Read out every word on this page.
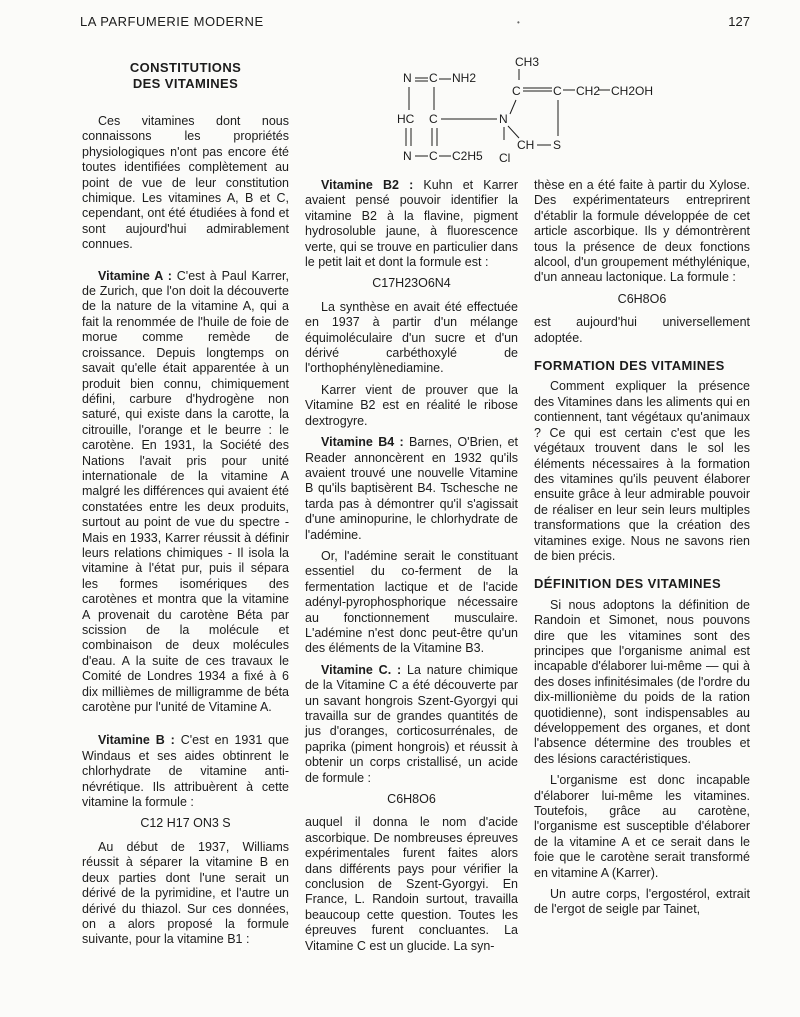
LA PARFUMERIE MODERNE	•	127
CONSTITUTIONS
DES VITAMINES

Ces vitamines dont nous connaissons les propriétés physiologiques n'ont pas encore été toutes identifiées complètement au point de vue de leur constitution chimique. Les vitamines A, B et C, cependant, ont été étudiées à fond et sont aujourd'hui admirablement connues.

Vitamine A : C'est à Paul Karrer, de Zurich, que l'on doit la découverte de la nature de la vitamine A, qui a fait la renommée de l'huile de foie de morue comme remède de croissance. Depuis longtemps on savait qu'elle était apparentée à un produit bien connu, chimiquement défini, carbure d'hydrogène non saturé, qui existe dans la carotte, la citrouille, l'orange et le beurre : le carotène. En 1931, la Société des Nations l'avait pris pour unité internationale de la vitamine A malgré les différences qui avaient été constatées entre les deux produits, surtout au point de vue du spectre - Mais en 1933, Karrer réussit à définir leurs relations chimiques - Il isola la vitamine à l'état pur, puis il sépara les formes isomériques des carotènes et montra que la vitamine A provenait du carotène Béta par scission de la molécule et combinaison de deux molécules d'eau. A la suite de ces travaux le Comité de Londres 1934 a fixé à 6 dix millièmes de milligramme de béta carotène pur l'unité de Vitamine A.

Vitamine B : C'est en 1931 que Windaus et ses aides obtinrent le chlorhydrate de vitamine anti-névrétique. Ils attribuèrent à cette vitamine la formule :

C12 H17 ON3 S

Au début de 1937, Williams réussit à séparer la vitamine B en deux parties dont l'une serait un dérivé de la pyrimidine, et l'autre un dérivé du thiazol. Sur ces données, on a alors proposé la formule suivante, pour la vitamine B1 :

N C NH2
CH3
C	C CH2 CH2OH
HC C	N
N C C2H5
CH S
Cl

Vitamine B2 : Kuhn et Karrer avaient pensé pouvoir identifier la vitamine B2 à la flavine, pigment hydrosoluble jaune, à fluorescence verte, qui se trouve en particulier dans le petit lait et dont la formule est :

C17H23O6N4

La synthèse en avait été effectuée en 1937 à partir d'un mélange équimoléculaire d'un sucre et d'un dérivé carbéthoxylé de l'orthophénylènediamine.

Karrer vient de prouver que la Vitamine B2 est en réalité le ribose dextrogyre.

Vitamine B4 : Barnes, O'Brien, et Reader annoncèrent en 1932 qu'ils avaient trouvé une nouvelle Vitamine B qu'ils baptisèrent B4. Tschesche ne tarda pas à démontrer qu'il s'agissait d'une aminopurine, le chlorhydrate de l'adémine.

Or, l'adémine serait le constituant essentiel du co-ferment de la fermentation lactique et de l'acide adényl-pyrophosphorique nécessaire au fonctionnement musculaire. L'adémine n'est donc peut-être qu'un des éléments de la Vitamine B3.

Vitamine C. : La nature chimique de la Vitamine C a été découverte par un savant hongrois Szent-Gyorgyi qui travailla sur de grandes quantités de jus d'oranges, corticosurrénales, de paprika (piment hongrois) et réussit à obtenir un corps cristallisé, un acide de formule :

C6H8O6

auquel il donna le nom d'acide ascorbique. De nombreuses épreuves expérimentales furent faites alors dans différents pays pour vérifier la conclusion de Szent-Gyorgyi. En France, L. Randoin surtout, travailla beaucoup cette question. Toutes les épreuves furent concluantes. La Vitamine C est un glucide. La syn-

thèse en a été faite à partir du Xylose. Des expérimentateurs entreprirent d'établir la formule développée de cet article ascorbique. Ils y démontrèrent tous la présence de deux fonctions alcool, d'un groupement méthylénique, d'un anneau lactonique. La formule :

C6H8O6

est aujourd'hui universellement adoptée.

FORMATION DES VITAMINES

Comment expliquer la présence des Vitamines dans les aliments qui en contiennent, tant végétaux qu'animaux ? Ce qui est certain c'est que les végétaux trouvent dans le sol les éléments nécessaires à la formation des vitamines qu'ils peuvent élaborer ensuite grâce à leur admirable pouvoir de réaliser en leur sein leurs multiples transformations que la création des vitamines exige. Nous ne savons rien de bien précis.

DÉFINITION DES VITAMINES

Si nous adoptons la définition de Randoin et Simonet, nous pouvons dire que les vitamines sont des principes que l'organisme animal est incapable d'élaborer lui-même — qui à des doses infinitésimales (de l'ordre du dix-millionième du poids de la ration quotidienne), sont indispensables au développement des organes, et dont l'absence détermine des troubles et des lésions caractéristiques.

L'organisme est donc incapable d'élaborer lui-même les vitamines. Toutefois, grâce au carotène, l'organisme est susceptible d'élaborer de la vitamine A et ce serait dans le foie que le carotène serait transformé en vitamine A (Karrer).

Un autre corps, l'ergostérol, extrait de l'ergot de seigle par Tainet,
